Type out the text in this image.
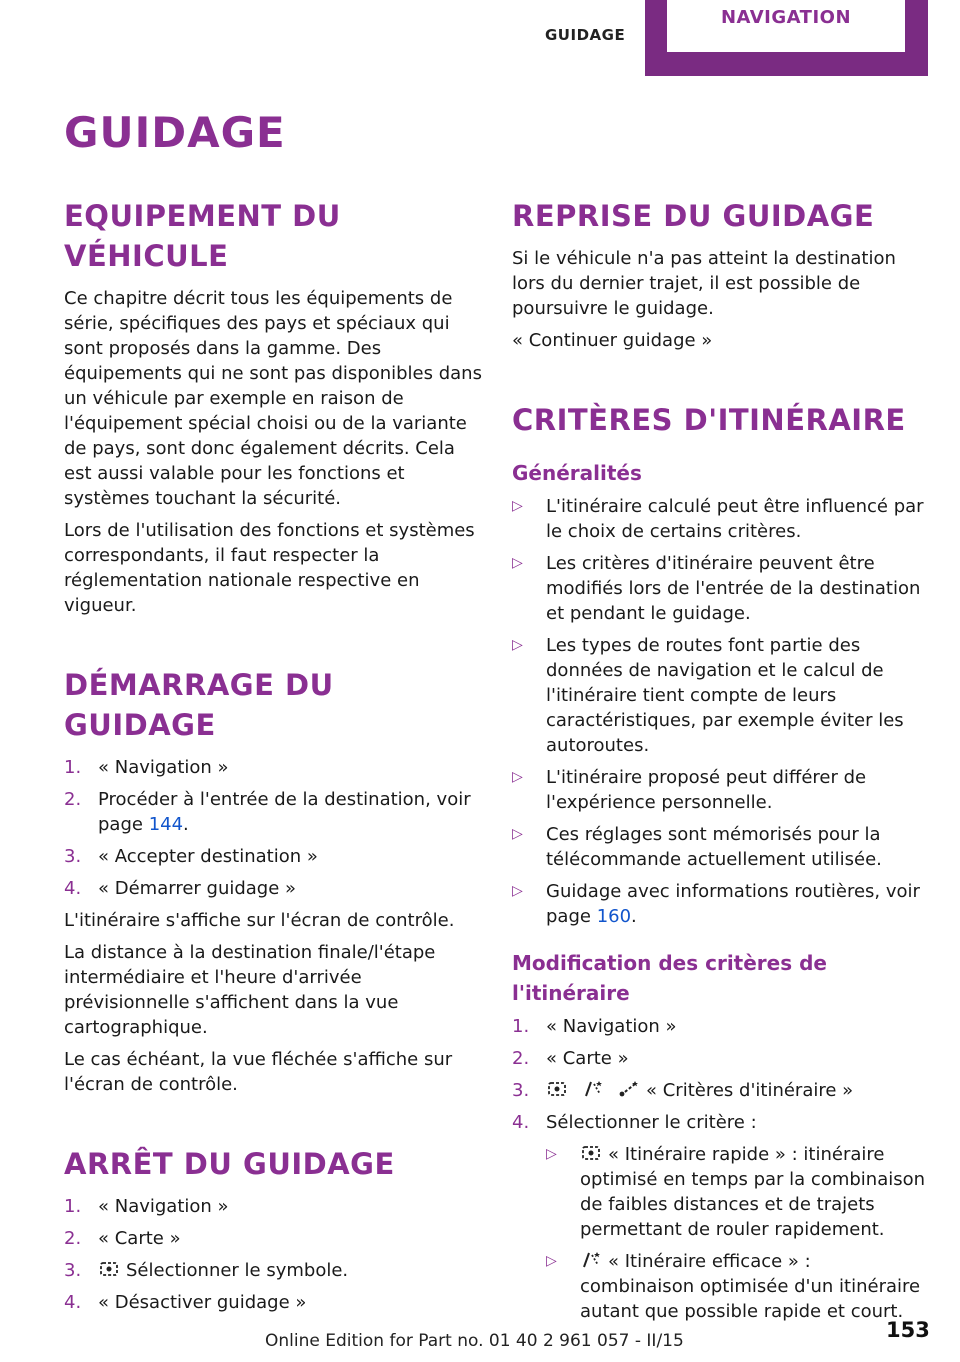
GUIDAGE
NAVIGATION
GUIDAGE
EQUIPEMENT DU VÉHICULE

Ce chapitre décrit tous les équipements de série, spécifiques des pays et spéciaux qui sont proposés dans la gamme. Des équipements qui ne sont pas disponibles dans un véhicule par exemple en raison de l'équipement spécial choisi ou de la variante de pays, sont donc également décrits. Cela est aussi valable pour les fonctions et systèmes touchant la sécurité.

Lors de l'utilisation des fonctions et systèmes correspondants, il faut respecter la réglementation nationale respective en vigueur.

DÉMARRAGE DU GUIDAGE
1. « Navigation »
2. Procéder à l'entrée de la destination, voir page 144.
3. « Accepter destination »
4. « Démarrer guidage »

L'itinéraire s'affiche sur l'écran de contrôle.

La distance à la destination finale/l'étape intermédiaire et l'heure d'arrivée prévisionnelle s'affichent dans la vue cartographique.

Le cas échéant, la vue fléchée s'affiche sur l'écran de contrôle.

ARRÊT DU GUIDAGE
1. « Navigation »
2. « Carte »
3. Sélectionner le symbole.
4. « Désactiver guidage »
REPRISE DU GUIDAGE

Si le véhicule n'a pas atteint la destination lors du dernier trajet, il est possible de poursuivre le guidage.

« Continuer guidage »

CRITÈRES D'ITINÉRAIRE
Généralités
▷ L'itinéraire calculé peut être influencé par le choix de certains critères.
▷ Les critères d'itinéraire peuvent être modifiés lors de l'entrée de la destination et pendant le guidage.
▷ Les types de routes font partie des données de navigation et le calcul de l'itinéraire tient compte de leurs caractéristiques, par exemple éviter les autoroutes.
▷ L'itinéraire proposé peut différer de l'expérience personnelle.
▷ Ces réglages sont mémorisés pour la télécommande actuellement utilisée.
▷ Guidage avec informations routières, voir page 160.
Modification des critères de l'itinéraire
1. « Navigation »
2. « Carte »
3.	« Critères d'itinéraire »
4. Sélectionner le critère :
▷	« Itinéraire rapide » : itinéraire optimisé en temps par la combinaison de faibles distances et de trajets permettant de rouler rapidement.
▷	« Itinéraire efficace » : combinaison optimisée d'un itinéraire autant que possible rapide et court.
Online Edition for Part no. 01 40 2 961 057 - II/15	153
